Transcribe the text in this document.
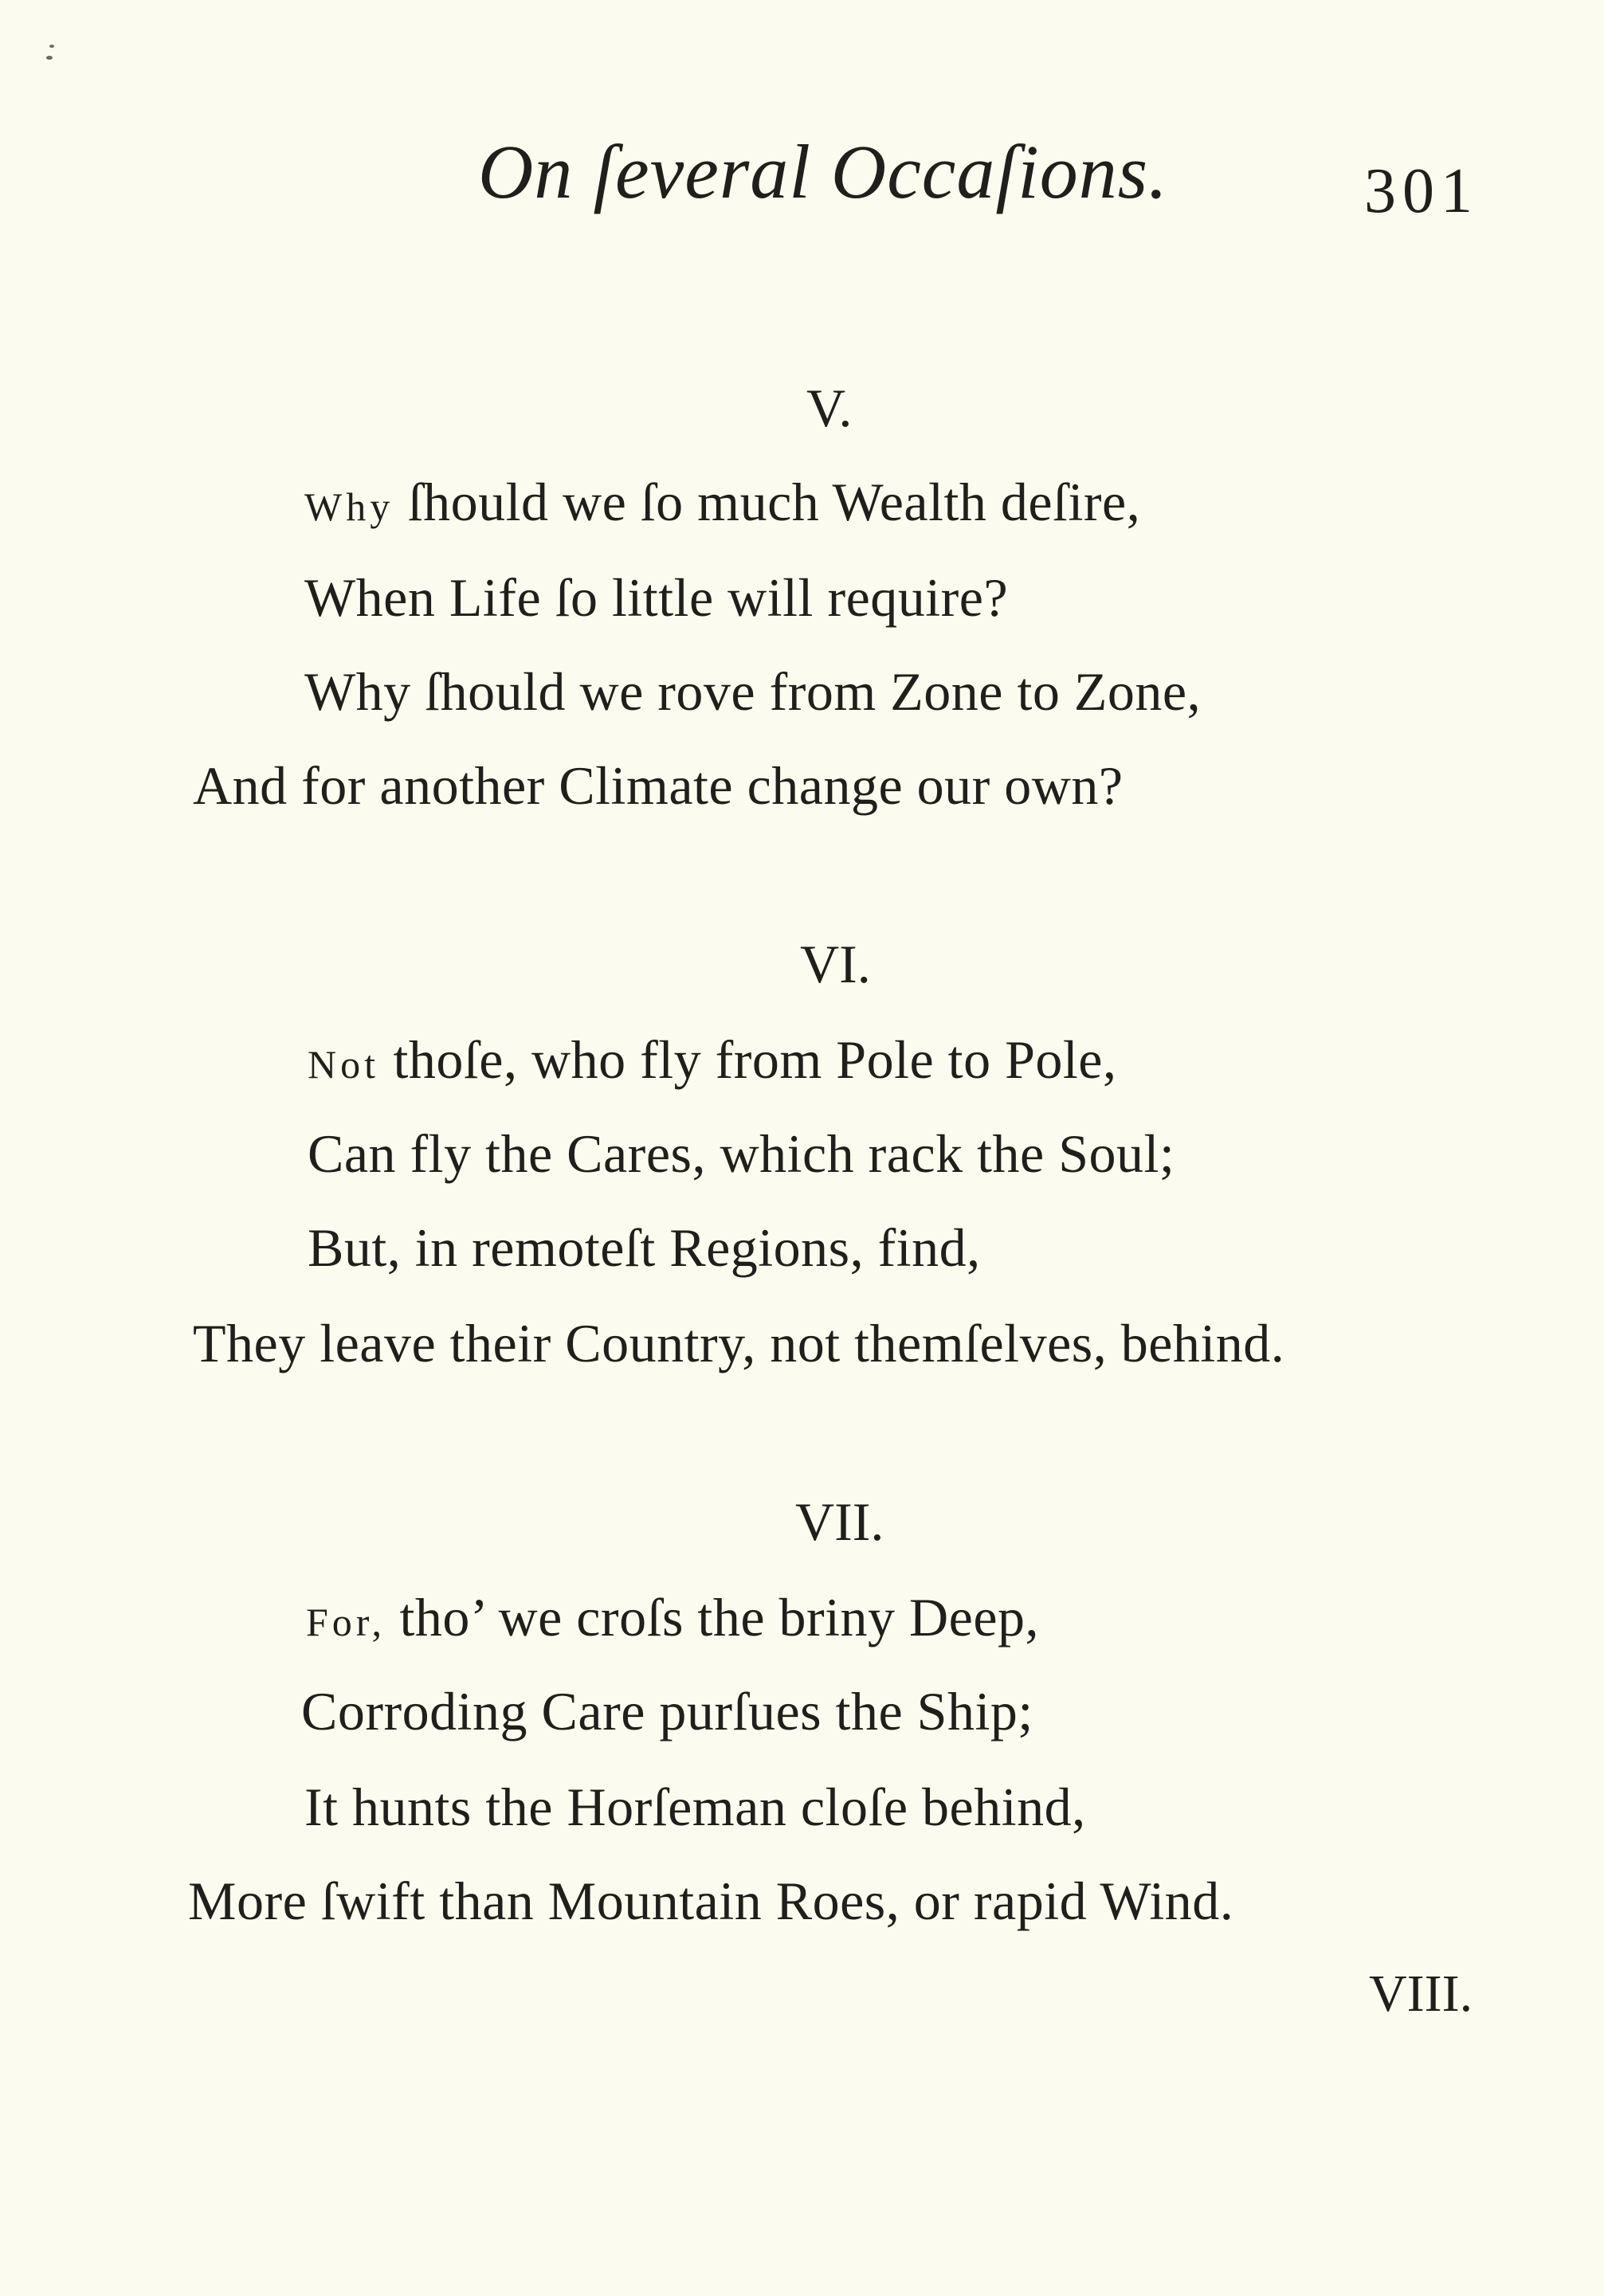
On ſeveral Occaſions.	301
V.
Why ſhould we ſo much Wealth deſire,
When Life ſo little will require?
Why ſhould we rove from Zone to Zone,
And for another Climate change our own?
VI.
Not thoſe, who fly from Pole to Pole,
Can fly the Cares, which rack the Soul;
But, in remoteſt Regions, find,
They leave their Country, not themſelves, behind.
VII.
For, tho’ we croſs the briny Deep,
Corroding Care purſues the Ship;
It hunts the Horſeman cloſe behind,
More ſwift than Mountain Roes, or rapid Wind.
VIII.
